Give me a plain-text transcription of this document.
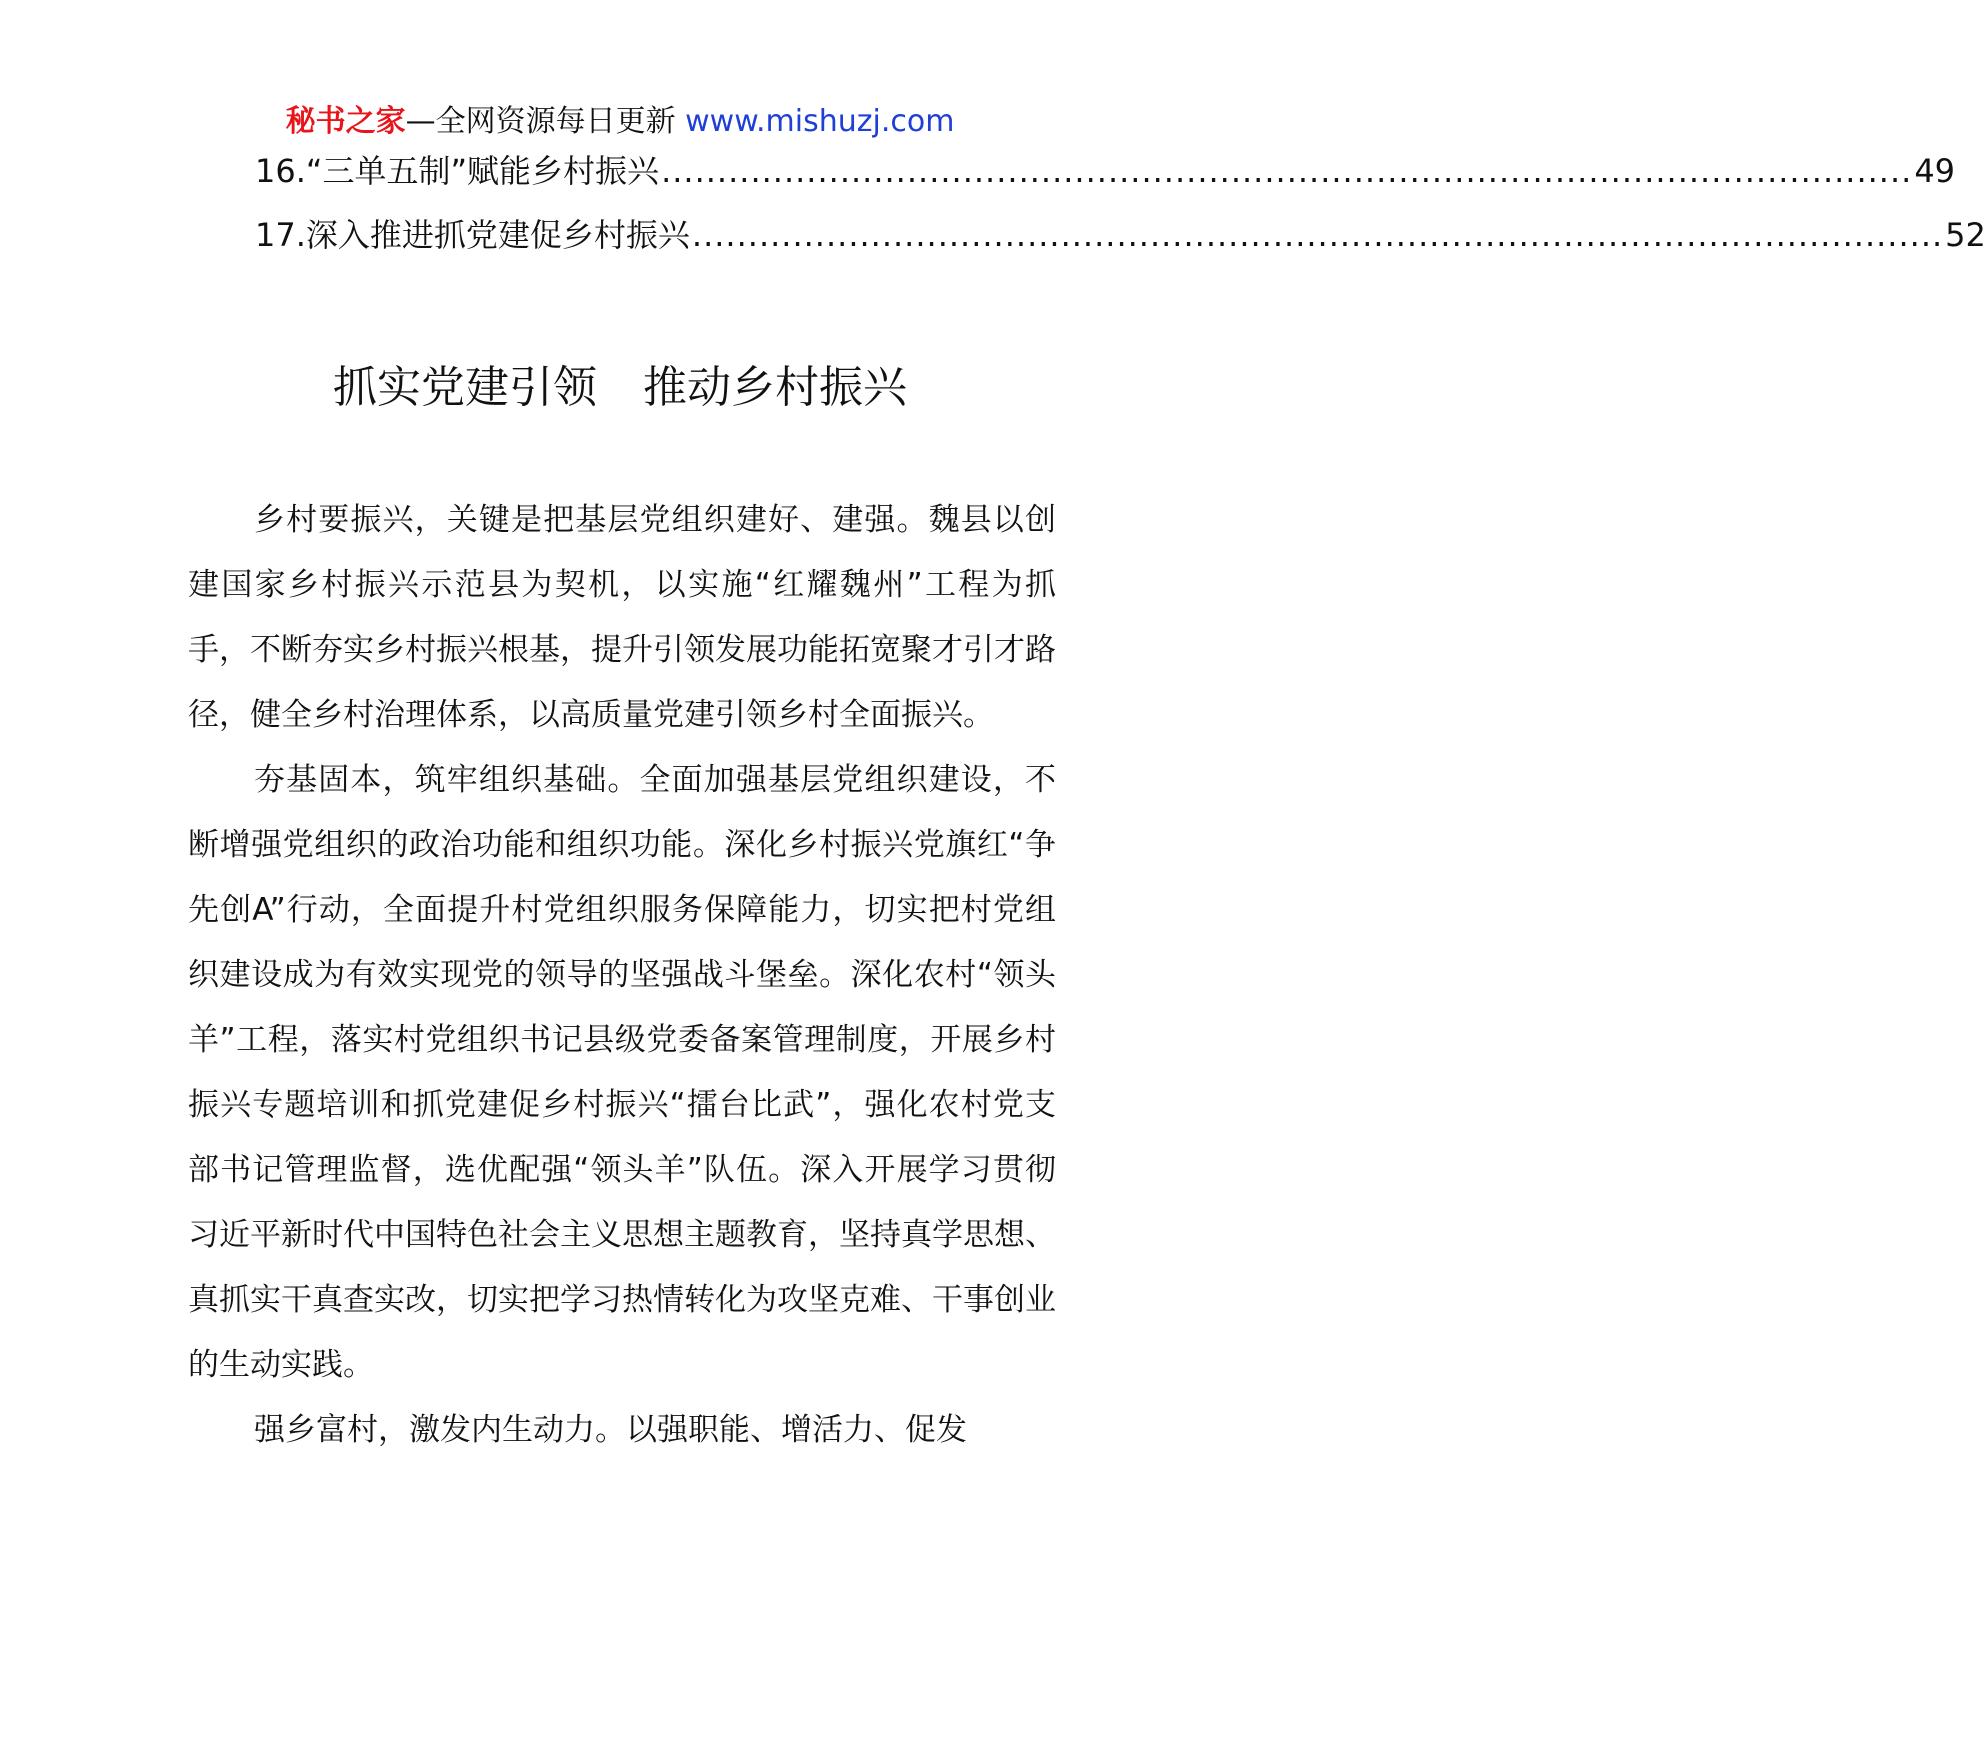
秘书之家—全网资源每日更新 www.mishuzj.com
16.“三单五制”赋能乡村振兴 ................................................................................................................ 49
17.深入推进抓党建促乡村振兴 ................................................................................................................ 52
抓实党建引领 推动乡村振兴

乡村要振兴，关键是把基层党组织建好、建强。魏县以创建国家乡村振兴示范县为契机，以实施“红耀魏州”工程为抓手，不断夯实乡村振兴根基，提升引领发展功能拓宽聚才引才路径，健全乡村治理体系，以高质量党建引领乡村全面振兴。

夯基固本，筑牢组织基础。全面加强基层党组织建设，不断增强党组织的政治功能和组织功能。深化乡村振兴党旗红“争先创A”行动，全面提升村党组织服务保障能力，切实把村党组织建设成为有效实现党的领导的坚强战斗堡垒。深化农村“领头羊”工程，落实村党组织书记县级党委备案管理制度，开展乡村振兴专题培训和抓党建促乡村振兴“擂台比武”，强化农村党支部书记管理监督，选优配强“领头羊”队伍。深入开展学习贯彻习近平新时代中国特色社会主义思想主题教育，坚持真学思想、真抓实干真查实改，切实把学习热情转化为攻坚克难、干事创业的生动实践。

强乡富村，激发内生动力。以强职能、增活力、促发
